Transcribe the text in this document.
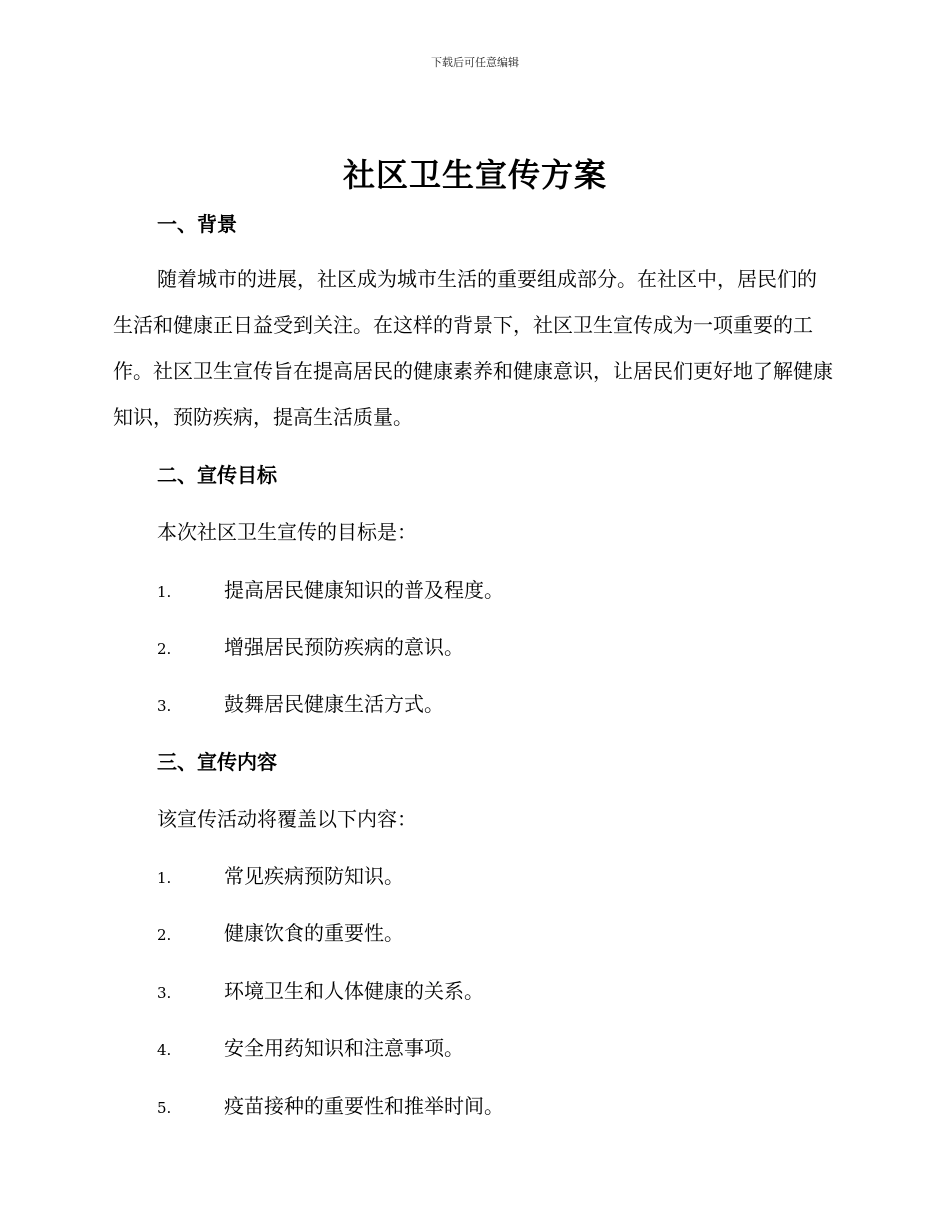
下载后可任意编辑
社区卫生宣传方案
一、背景

随着城市的进展，社区成为城市生活的重要组成部分。在社区中，居民们的生活和健康正日益受到关注。在这样的背景下，社区卫生宣传成为一项重要的工作。社区卫生宣传旨在提高居民的健康素养和健康意识，让居民们更好地了解健康知识，预防疾病，提高生活质量。

二、宣传目标

本次社区卫生宣传的目标是：

1.	提高居民健康知识的普及程度。
2.	增强居民预防疾病的意识。
3.	鼓舞居民健康生活方式。
三、宣传内容

该宣传活动将覆盖以下内容：

1.	常见疾病预防知识。
2.	健康饮食的重要性。
3.	环境卫生和人体健康的关系。
4.	安全用药知识和注意事项。
5.	疫苗接种的重要性和推举时间。
